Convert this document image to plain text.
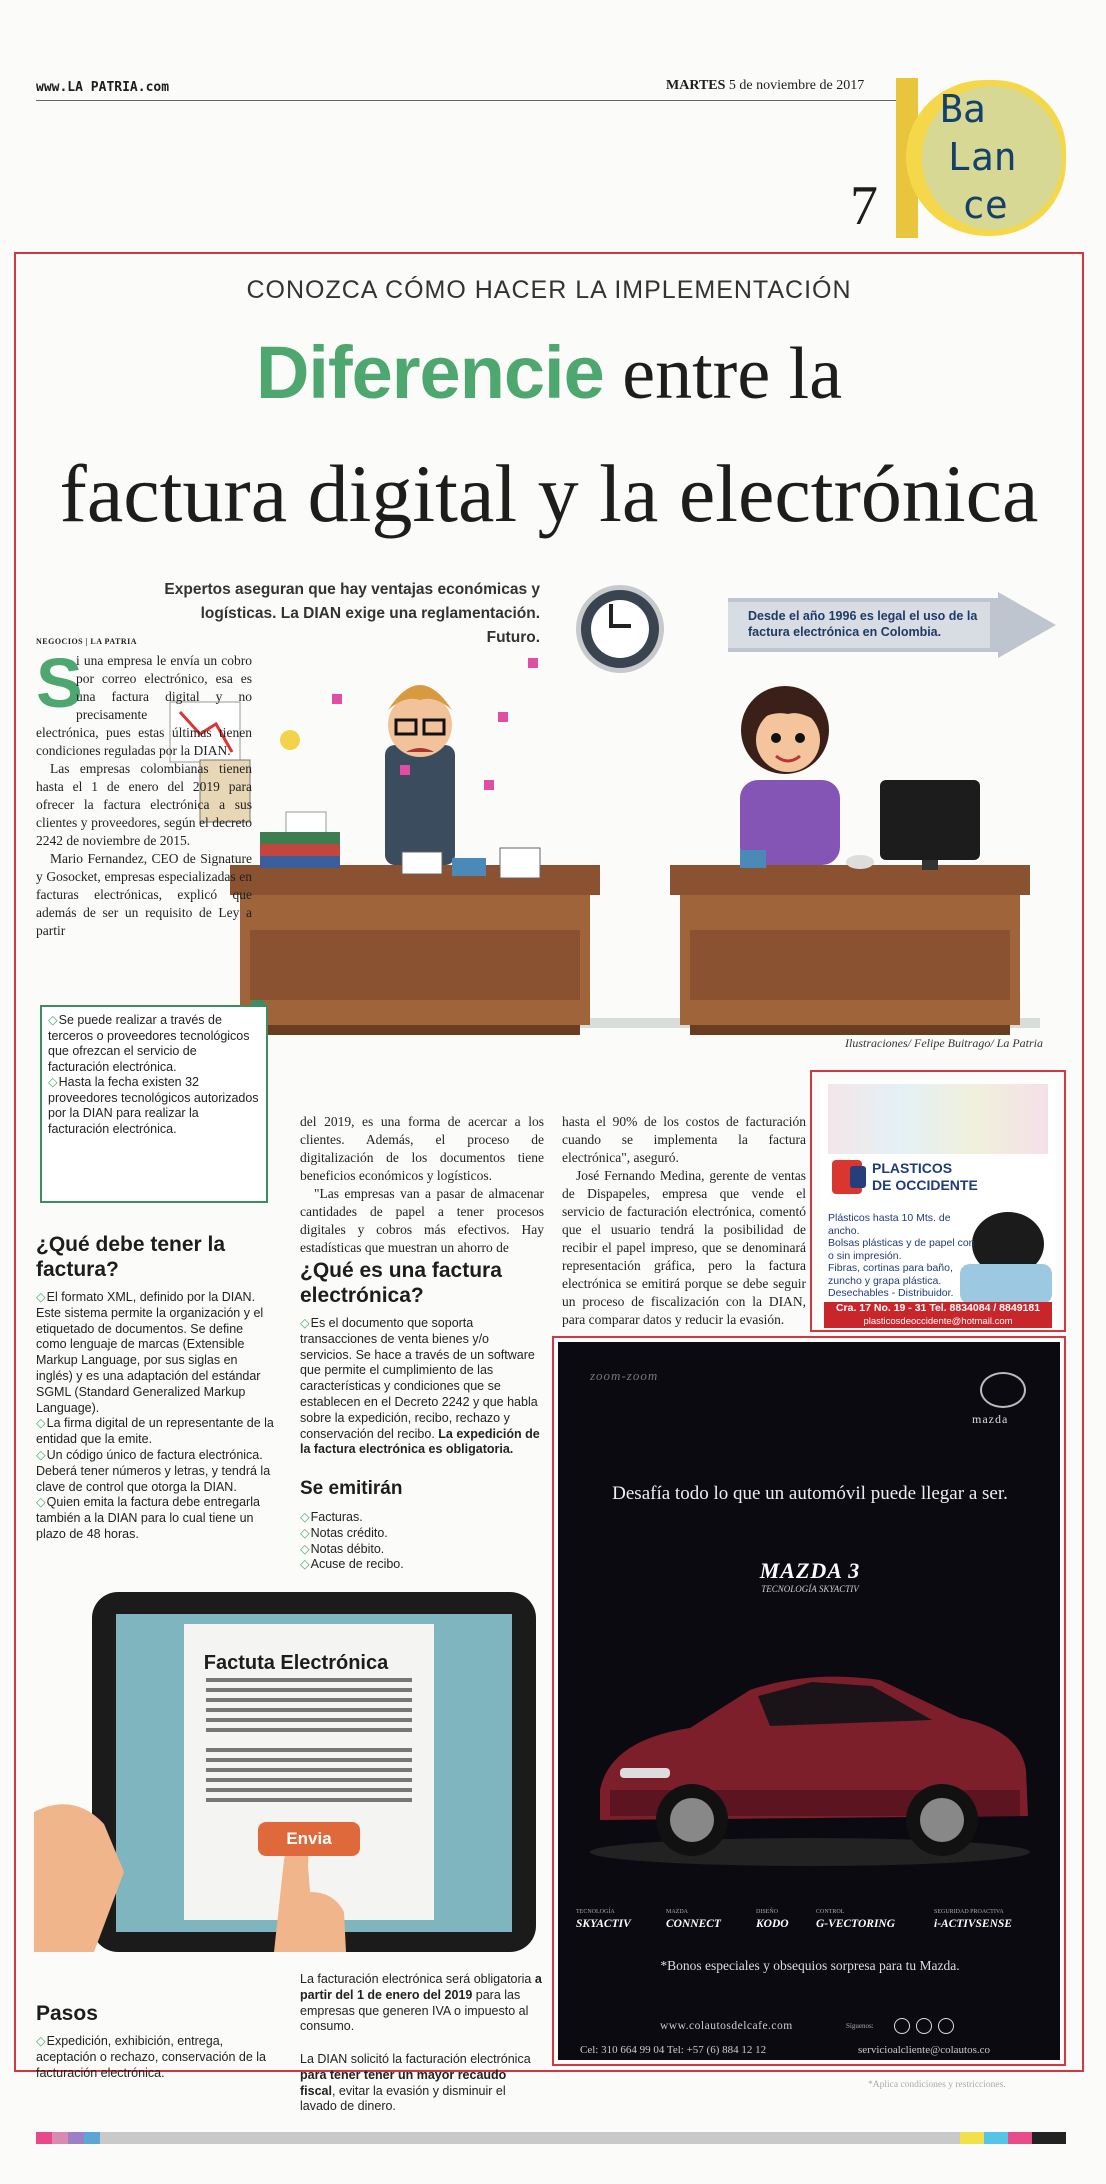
www.LA PATRIA.com	MARTES 5 de noviembre de 2017
7
Ba
Lan
ce
CONOZCA CÓMO HACER LA IMPLEMENTACIÓN
Diferencie entre la
factura digital y la electrónica
Expertos aseguran que hay ventajas económicas y logísticas. La DIAN exige una reglamentación. Futuro.
Desde el año 1996 es legal el uso de la factura electrónica en Colombia.
Ilustraciones/ Felipe Buitrago/ La Patria
NEGOCIOS | LA PATRIA
S
i una empresa le envía un cobro por correo electrónico, esa es una factura digital y no precisamente
electrónica, pues estas últimas tienen condiciones reguladas por la DIAN.

Las empresas colombianas tienen hasta el 1 de enero del 2019 para ofrecer la factura electrónica a sus clientes y proveedores, según el decreto 2242 de noviembre de 2015.

Mario Fernandez, CEO de Signature y Gosocket, empresas especializadas en facturas electrónicas, explicó que además de ser un requisito de Ley a partir

◇ Se puede realizar a través de terceros o proveedores tecnológicos que ofrezcan el servicio de facturación electrónica.

◇ Hasta la fecha existen 32 proveedores tecnológicos autorizados por la DIAN para realizar la facturación electrónica.	del 2019, es una forma de acercar a los clientes. Además, el proceso de digitalización de los documentos tiene beneficios económicos y logísticos.

"Las empresas van a pasar de almacenar cantidades de papel a tener procesos digitales y cobros más efectivos. Hay estadísticas que muestran un ahorro de

hasta el 90% de los costos de facturación cuando se implementa la factura electrónica", aseguró.

José Fernando Medina, gerente de ventas de Dispapeles, empresa que vende el servicio de facturación electrónica, comentó que el usuario tendrá la posibilidad de recibir el papel impreso, que se denominará representación gráfica, pero la factura electrónica se emitirá porque se debe seguir un proceso de fiscalización con la DIAN, para comparar datos y reducir la evasión.

¿Qué debe tener la factura?

◇ El formato XML, definido por la DIAN. Este sistema permite la organización y el etiquetado de documentos. Se define como lenguaje de marcas (Extensible Markup Language, por sus siglas en inglés) y es una adaptación del estándar SGML (Standard Generalized Markup Language).

◇ La firma digital de un representante de la entidad que la emite.

◇ Un código único de factura electrónica. Deberá tener números y letras, y tendrá la clave de control que otorga la DIAN.

◇ Quien emita la factura debe entregarla también a la DIAN para lo cual tiene un plazo de 48 horas.

¿Qué es una factura electrónica?

◇ Es el documento que soporta transacciones de venta bienes y/o servicios. Se hace a través de un software que permite el cumplimiento de las características y condiciones que se establecen en el Decreto 2242 y que habla sobre la expedición, recibo, rechazo y conservación del recibo. La expedición de la factura electrónica es obligatoria.

Se emitirán

◇ Facturas.

◇ Notas crédito.

◇ Notas débito.

◇ Acuse de recibo.

Factuta Electrónica
Envia
Pasos

◇ Expedición, exhibición, entrega, aceptación o rechazo, conservación de la facturación electrónica.

La facturación electrónica será obligatoria a partir del 1 de enero del 2019 para las empresas que generen IVA o impuesto al consumo.
La DIAN solicitó la facturación electrónica para tener tener un mayor recaudo fiscal, evitar la evasión y disminuir el lavado de dinero.
PLASTICOS
DE OCCIDENTE
Plásticos hasta 10 Mts. de ancho.
Bolsas plásticas y de papel con o sin impresión.
Fibras, cortinas para baño, zuncho y grapa plástica.
Desechables - Distribuidor.
Cra. 17 No. 19 - 31 Tel. 8834084 / 8849181
plasticosdeoccidente@hotmail.com
zoom-zoom
mazda
Desafía todo lo que un automóvil puede llegar a ser.
MAZDA 3
TECNOLOGÍA SKYACTIV
TECNOLOGÍA
SKYACTIV
MAZDA
CONNECT
DISEÑO
KODO
CONTROL
G-VECTORING
SEGURIDAD PROACTIVA
i-ACTIVSENSE
*Bonos especiales y obsequios sorpresa para tu Mazda.
www.colautosdelcafe.com	Síguenos:
Cel: 310 664 99 04 Tel: +57 (6) 884 12 12	servicioalcliente@colautos.co
*Aplica condiciones y restricciones.
